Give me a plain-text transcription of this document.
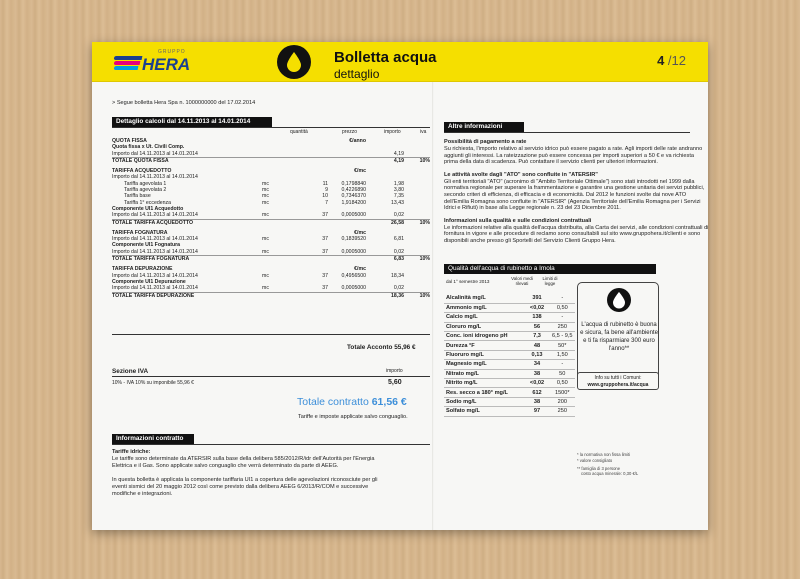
GRUPPO
HERA	Bolletta acqua
dettaglio
4 /12
> Segue bolletta Hera Spa n. 1000000000 del 17.02.2014
Dettaglio calcoli dal 14.11.2013 al 14.01.2014
quantità	prezzo	importo	iva
QUOTA FISSA			€/anno		
Quota fissa x Ut. Civili Comp.					
Importo dal 14.11.2013 al 14.01.2014				4,19	
TOTALE QUOTA FISSA				4,19	10%

TARIFFA ACQUEDOTTO			€/mc		
Importo dal 14.11.2013 al 14.01.2014					
Tariffa agevolata 1	mc	11	0,1798840	1,98	
Tariffa agevolata 2	mc	9	0,4226890	3,80	
Tariffa base	mc	10	0,7346370	7,35	
Tariffa 1° eccedenza	mc	7	1,9184200	13,43	
Componente UI1 Acquedotto					
Importo dal 14.11.2013 al 14.01.2014	mc	37	0,0005000	0,02	
TOTALE TARIFFA ACQUEDOTTO				26,58	10%

TARIFFA FOGNATURA			€/mc		
Importo dal 14.11.2013 al 14.01.2014	mc	37	0,1839520	6,81	
Componente UI1 Fognatura					
Importo dal 14.11.2013 al 14.01.2014	mc	37	0,0005000	0,02	
TOTALE TARIFFA FOGNATURA				6,83	10%

TARIFFA DEPURAZIONE			€/mc		
Importo dal 14.11.2013 al 14.01.2014	mc	37	0,4956500	18,34	
Componente UI1 Depurazione					
Importo dal 14.11.2013 al 14.01.2014	mc	37	0,0005000	0,02	
TOTALE TARIFFA DEPURAZIONE				18,36	10%
Totale Acconto 55,96 €
Sezione IVA	importo
10% - IVA 10% su imponibile 55,96 €	5,60
Totale contratto 61,56 €
Tariffe e imposte applicate salvo conguaglio.
Informazioni contratto
Tariffe idriche:
Le tariffe sono determinate da ATERSIR sulla base della delibera 585/2012/R/idr dell'Autorità per l'Energia
Elettrica e il Gas. Sono applicate salvo conguaglio che verrà determinato da parte di AEEG.
In questa bolletta è applicata la componente tariffaria UI1 a copertura delle agevolazioni riconosciute per gli
eventi sismici del 20 maggio 2012 così come previsto dalla delibera AEEG 6/2013/R/COM e successive
modifiche e integrazioni.
Altre informazioni
Possibilità di pagamento a rate
Su richiesta, l'importo relativo al servizio idrico può essere pagato a rate. Agli importi delle rate andranno
aggiunti gli interessi. La rateizzazione può essere concessa per importi superiori a 50 € e va richiesta
prima della data di scadenza. Può contattare il servizio clienti per ulteriori informazioni.
Le attività svolte dagli "ATO" sono confluite in "ATERSIR"
Gli enti territoriali "ATO" (acronimo di "Ambito Territoriale Ottimale") sono stati introdotti nel 1999 dalla
normativa regionale per superare la frammentazione e garantire una gestione unitaria dei servizi pubblici,
secondo criteri di efficienza, di efficacia e di economicità. Dal 2012 le funzioni svolte dai nove ATO
dell'Emilia Romagna sono confluite in "ATERSIR" (Agenzia Territoriale dell'Emilia Romagna per i Servizi
Idrici e Rifiuti) in base alla Legge regionale n. 23 del 23 Dicembre 2011.
Informazioni sulla qualità e sulle condizioni contrattuali
Le informazioni relative alla qualità dell'acqua distribuita, alla Carta dei servizi, alle condizioni contrattuali di
fornitura in vigore e alle procedure di reclamo sono consultabili sul sito www.gruppohera.it/clienti e sono
disponibili anche presso gli Sportelli del Servizio Clienti Gruppo Hera.
Qualità dell'acqua di rubinetto a Imola
dal 1° semestre 2013
Valori medi rilevati
Limiti di legge
Alcalinità mg/L	391	-
Ammonio mg/L	<0,02	0,50
Calcio mg/L	138	-
Cloruro mg/L	56	250
Conc. ioni idrogeno pH	7,3	6,5 - 9,5
Durezza °F	48	50*
Fluoruro mg/L	0,13	1,50
Magnesio mg/L	34	-
Nitrato mg/L	38	50
Nitrito mg/L	<0,02	0,50
Res. secco a 180° mg/L	612	1500*
Sodio mg/L	38	200
Solfato mg/L	97	250
L'acqua di rubinetto è buona e sicura, fa bene all'ambiente e ti fa risparmiare 300 euro l'anno**
Info su tutti i Comuni:
www.gruppohera.it/acqua
* la normativa non fissa limiti
* valore consigliato
** famiglia di 3 persone
costo acqua minerale: 0,30 €/L
